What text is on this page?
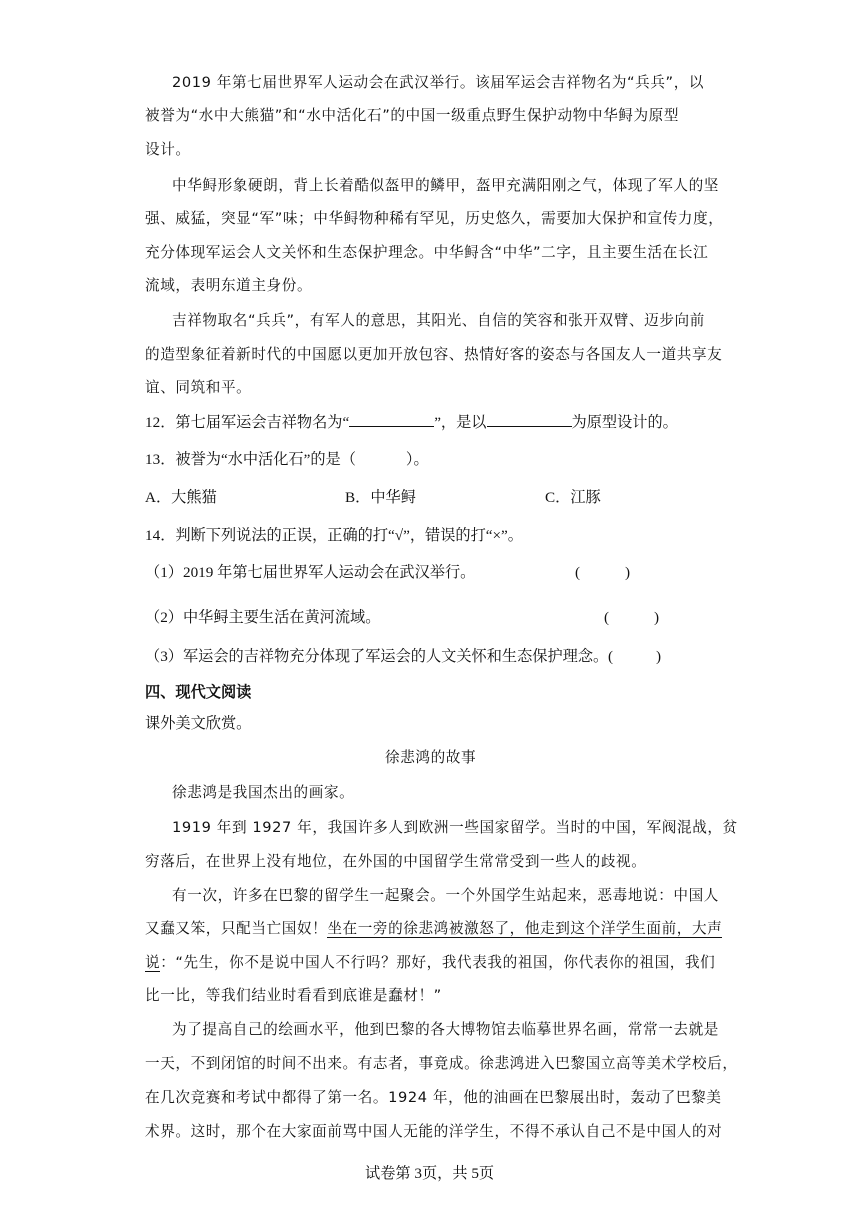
2019 年第七届世界军人运动会在武汉举行。该届军运会吉祥物名为“兵兵”，以
被誉为“水中大熊猫”和“水中活化石”的中国一级重点野生保护动物中华鲟为原型
设计。
中华鲟形象硬朗，背上长着酷似盔甲的鳞甲，盔甲充满阳刚之气，体现了军人的坚
强、威猛，突显“军”味；中华鲟物种稀有罕见，历史悠久，需要加大保护和宣传力度，
充分体现军运会人文关怀和生态保护理念。中华鲟含“中华”二字，且主要生活在长江
流域，表明东道主身份。
吉祥物取名“兵兵”，有军人的意思，其阳光、自信的笑容和张开双臂、迈步向前
的造型象征着新时代的中国愿以更加开放包容、热情好客的姿态与各国友人一道共享友
谊、同筑和平。
12．第七届军运会吉祥物名为“	”，是以	为原型设计的。
13．被誉为“水中活化石”的是（	）。
A．大熊猫	B．中华鲟	C．江豚
14．判断下列说法的正误，正确的打“√”，错误的打“×”。
（1）2019 年第七届世界军人运动会在武汉举行。	(	)
（2）中华鲟主要生活在黄河流域。	(	)
（3）军运会的吉祥物充分体现了军运会的人文关怀和生态保护理念。 (	)
四、现代文阅读
课外美文欣赏。
徐悲鸿的故事
徐悲鸿是我国杰出的画家。
1919 年到 1927 年，我国许多人到欧洲一些国家留学。当时的中国，军阀混战，贫
穷落后，在世界上没有地位，在外国的中国留学生常常受到一些人的歧视。
有一次，许多在巴黎的留学生一起聚会。一个外国学生站起来，恶毒地说：中国人
又蠢又笨，只配当亡国奴！坐在一旁的徐悲鸿被激怒了，他走到这个洋学生面前，大声
说：“先生，你不是说中国人不行吗？那好，我代表我的祖国，你代表你的祖国，我们
比一比，等我们结业时看看到底谁是蠢材！”
为了提高自己的绘画水平，他到巴黎的各大博物馆去临摹世界名画，常常一去就是
一天，不到闭馆的时间不出来。有志者，事竟成。徐悲鸿进入巴黎国立高等美术学校后，
在几次竞赛和考试中都得了第一名。1924 年，他的油画在巴黎展出时，轰动了巴黎美
术界。这时，那个在大家面前骂中国人无能的洋学生，不得不承认自己不是中国人的对
试卷第 3页，共 5页
